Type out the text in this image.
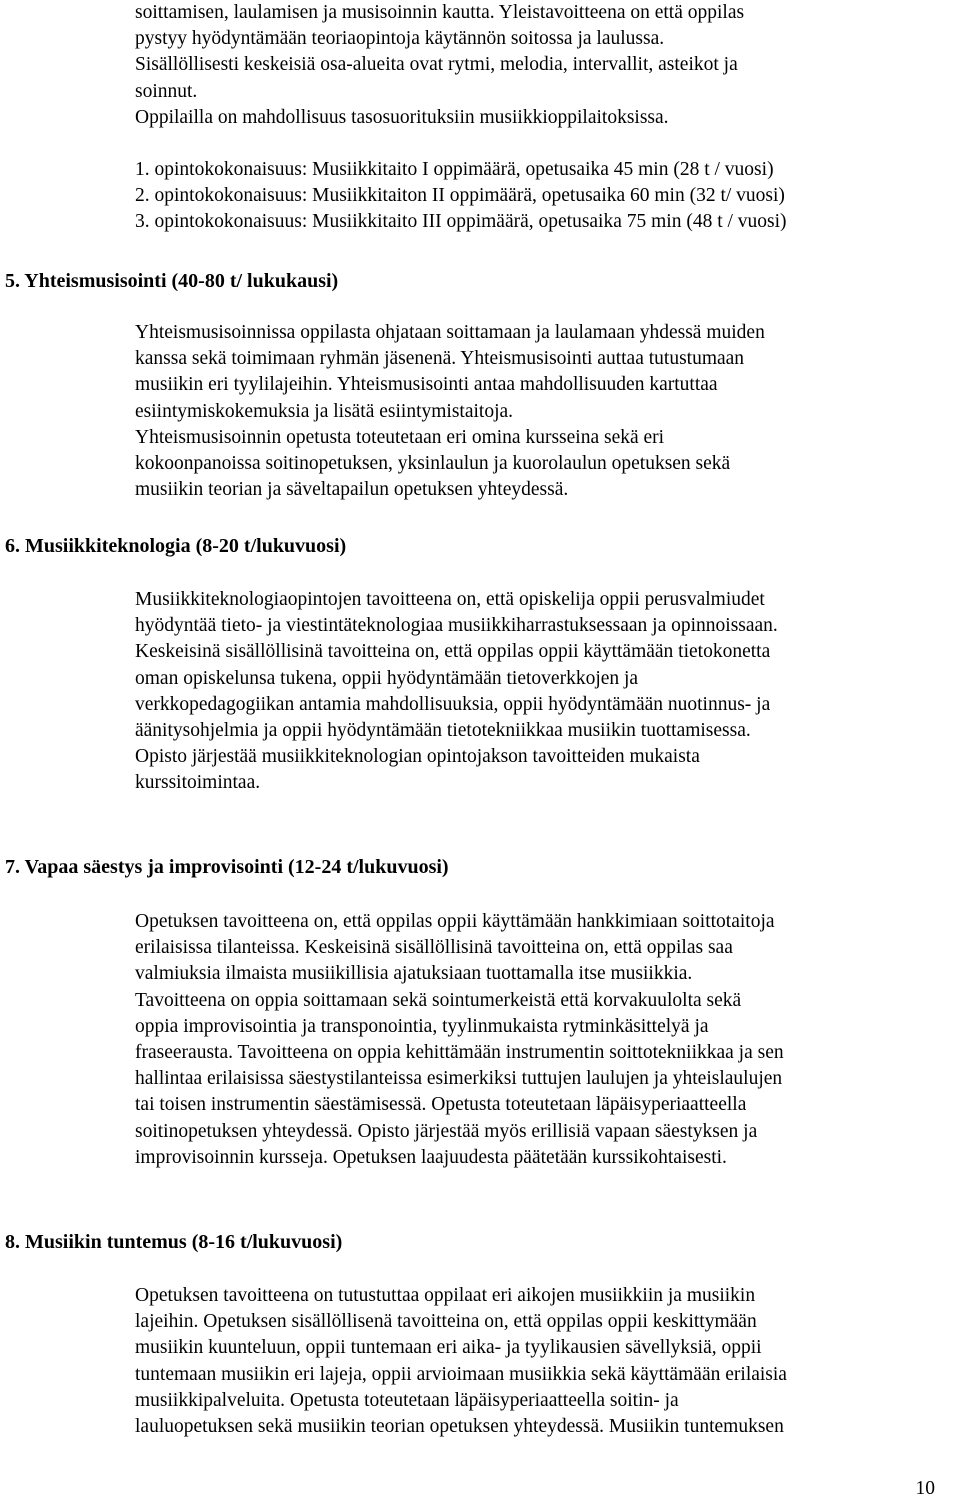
soittamisen, laulamisen ja musisoinnin kautta. Yleistavoitteena on että oppilas
pystyy hyödyntämään teoriaopintoja käytännön soitossa ja laulussa.
Sisällöllisesti keskeisiä osa-alueita ovat rytmi, melodia, intervallit, asteikot ja
soinnut.
Oppilailla on mahdollisuus tasosuorituksiin musiikkioppilaitoksissa.
1. opintokokonaisuus: Musiikkitaito I oppimäärä, opetusaika 45 min (28 t / vuosi)
2. opintokokonaisuus: Musiikkitaiton II oppimäärä, opetusaika 60 min (32 t/ vuosi)
3. opintokokonaisuus: Musiikkitaito III oppimäärä, opetusaika 75 min (48 t / vuosi)
5. Yhteismusisointi (40-80 t/ lukukausi)
Yhteismusisoinnissa oppilasta ohjataan soittamaan ja laulamaan yhdessä muiden
kanssa sekä toimimaan ryhmän jäsenenä. Yhteismusisointi auttaa tutustumaan
musiikin eri tyylilajeihin. Yhteismusisointi antaa mahdollisuuden kartuttaa
esiintymiskokemuksia ja lisätä esiintymistaitoja.
Yhteismusisoinnin opetusta toteutetaan eri omina kursseina sekä eri
kokoonpanoissa soitinopetuksen, yksinlaulun ja kuorolaulun opetuksen sekä
musiikin teorian ja säveltapailun opetuksen yhteydessä.
6. Musiikkiteknologia (8-20 t/lukuvuosi)
Musiikkiteknologiaopintojen tavoitteena on, että opiskelija oppii perusvalmiudet
hyödyntää tieto- ja viestintäteknologiaa musiikkiharrastuksessaan ja opinnoissaan.
Keskeisinä sisällöllisinä tavoitteina on, että oppilas oppii käyttämään tietokonetta
oman opiskelunsa tukena, oppii hyödyntämään tietoverkkojen ja
verkkopedagogiikan antamia mahdollisuuksia, oppii hyödyntämään nuotinnus- ja
äänitysohjelmia ja oppii hyödyntämään tietotekniikkaa musiikin tuottamisessa.
Opisto järjestää musiikkiteknologian opintojakson tavoitteiden mukaista
kurssitoimintaa.
7. Vapaa säestys ja improvisointi (12-24 t/lukuvuosi)
Opetuksen tavoitteena on, että oppilas oppii käyttämään hankkimiaan soittotaitoja
erilaisissa tilanteissa. Keskeisinä sisällöllisinä tavoitteina on, että oppilas saa
valmiuksia ilmaista musiikillisia ajatuksiaan tuottamalla itse musiikkia.
Tavoitteena on oppia soittamaan sekä sointumerkeistä että korvakuulolta sekä
oppia improvisointia ja transponointia, tyylinmukaista rytminkäsittelyä ja
fraseerausta. Tavoitteena on oppia kehittämään instrumentin soittotekniikkaa ja sen
hallintaa erilaisissa säestystilanteissa esimerkiksi tuttujen laulujen ja yhteislaulujen
tai toisen instrumentin säestämisessä. Opetusta toteutetaan läpäisyperiaatteella
soitinopetuksen yhteydessä. Opisto järjestää myös erillisiä vapaan säestyksen ja
improvisoinnin kursseja. Opetuksen laajuudesta päätetään kurssikohtaisesti.
8. Musiikin tuntemus (8-16 t/lukuvuosi)
Opetuksen tavoitteena on tutustuttaa oppilaat eri aikojen musiikkiin ja musiikin
lajeihin. Opetuksen sisällöllisenä tavoitteina on, että oppilas oppii keskittymään
musiikin kuunteluun, oppii tuntemaan eri aika- ja tyylikausien sävellyksiä, oppii
tuntemaan musiikin eri lajeja, oppii arvioimaan musiikkia sekä käyttämään erilaisia
musiikkipalveluita. Opetusta toteutetaan läpäisyperiaatteella soitin- ja
lauluopetuksen sekä musiikin teorian opetuksen yhteydessä. Musiikin tuntemuksen
10
